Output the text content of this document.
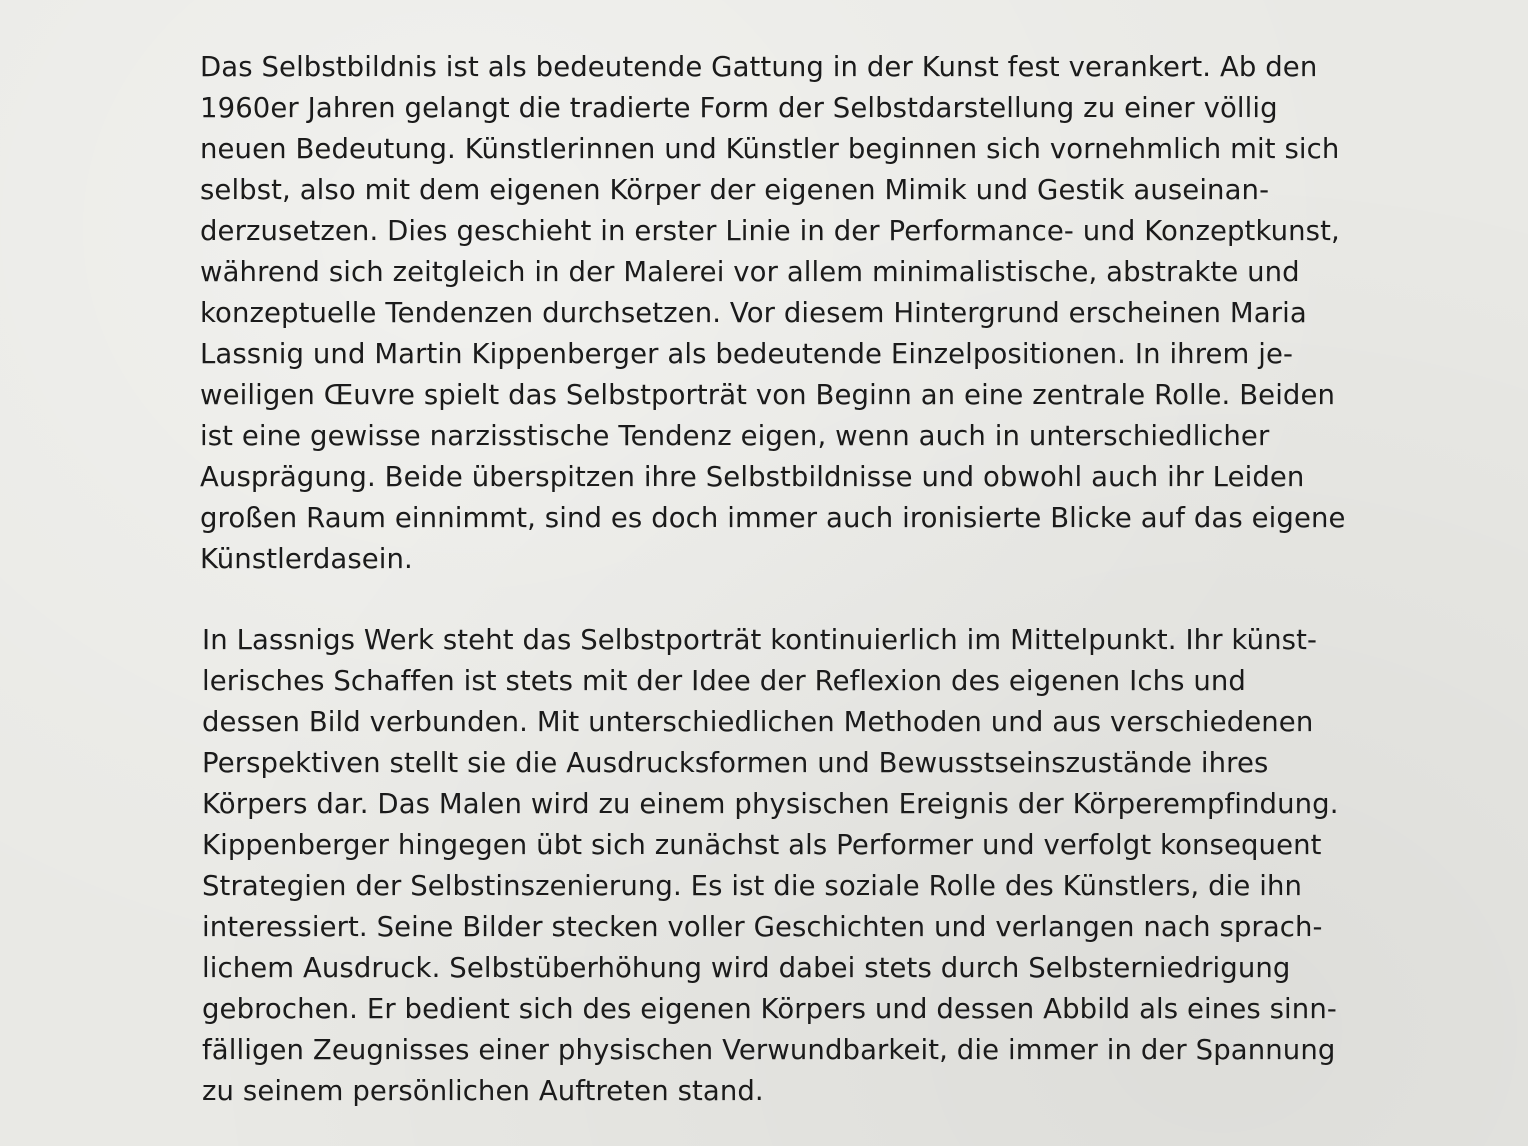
Das Selbstbildnis ist als bedeutende Gattung in der Kunst fest verankert. Ab den
1960er Jahren gelangt die tradierte Form der Selbstdarstellung zu einer völlig
neuen Bedeutung. Künstlerinnen und Künstler beginnen sich vornehmlich mit sich
selbst, also mit dem eigenen Körper der eigenen Mimik und Gestik auseinan-
derzusetzen. Dies geschieht in erster Linie in der Performance- und Konzeptkunst,
während sich zeitgleich in der Malerei vor allem minimalistische, abstrakte und
konzeptuelle Tendenzen durchsetzen. Vor diesem Hintergrund erscheinen Maria
Lassnig und Martin Kippenberger als bedeutende Einzelpositionen. In ihrem je-
weiligen Œuvre spielt das Selbstporträt von Beginn an eine zentrale Rolle. Beiden
ist eine gewisse narzisstische Tendenz eigen, wenn auch in unterschiedlicher
Ausprägung. Beide überspitzen ihre Selbstbildnisse und obwohl auch ihr Leiden
großen Raum einnimmt, sind es doch immer auch ironisierte Blicke auf das eigene
Künstlerdasein.
In Lassnigs Werk steht das Selbstporträt kontinuierlich im Mittelpunkt. Ihr künst-
lerisches Schaffen ist stets mit der Idee der Reflexion des eigenen Ichs und
dessen Bild verbunden. Mit unterschiedlichen Methoden und aus verschiedenen
Perspektiven stellt sie die Ausdrucksformen und Bewusstseinszustände ihres
Körpers dar. Das Malen wird zu einem physischen Ereignis der Körperempfindung.
Kippenberger hingegen übt sich zunächst als Performer und verfolgt konsequent
Strategien der Selbstinszenierung. Es ist die soziale Rolle des Künstlers, die ihn
interessiert. Seine Bilder stecken voller Geschichten und verlangen nach sprach-
lichem Ausdruck. Selbstüberhöhung wird dabei stets durch Selbsterniedrigung
gebrochen. Er bedient sich des eigenen Körpers und dessen Abbild als eines sinn-
fälligen Zeugnisses einer physischen Verwundbarkeit, die immer in der Spannung
zu seinem persönlichen Auftreten stand.
